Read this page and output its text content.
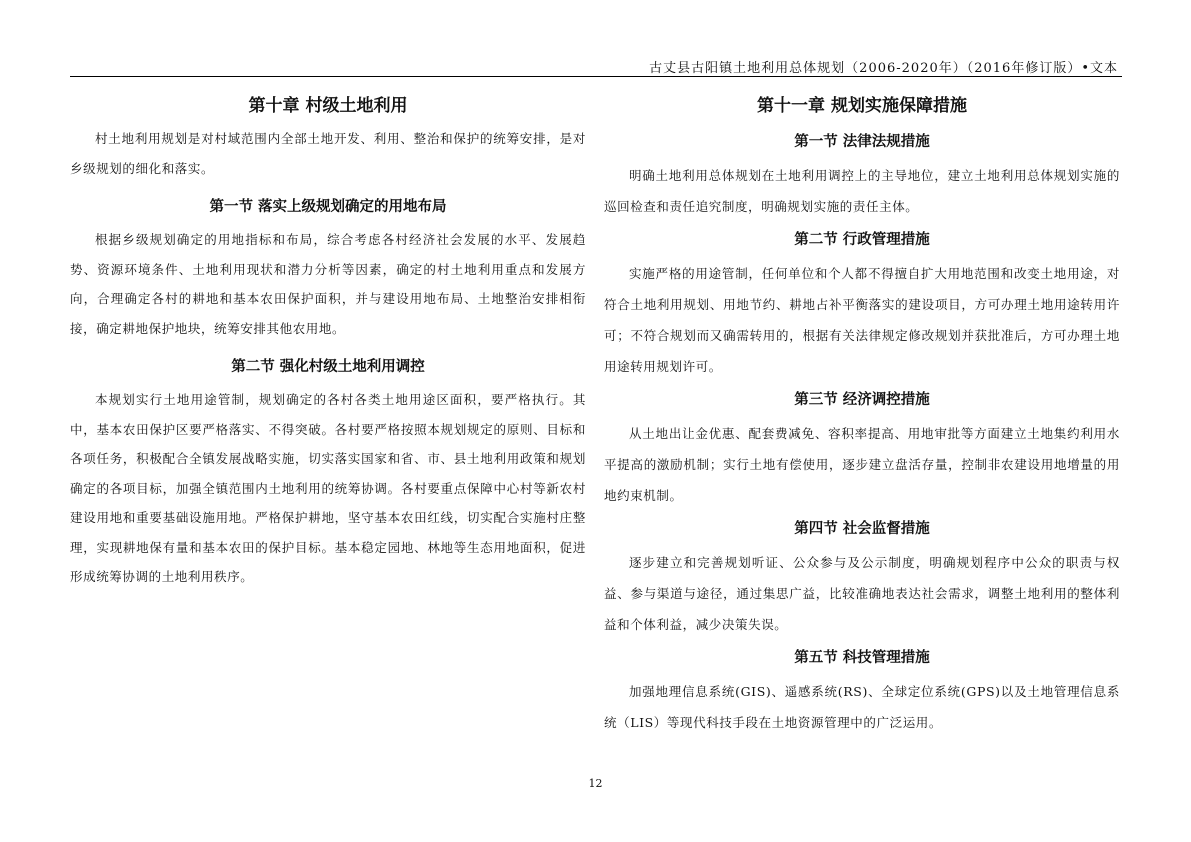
古丈县古阳镇土地利用总体规划（2006-2020年）（2016年修订版）•文本
第十章 村级土地利用

村土地利用规划是对村域范围内全部土地开发、利用、整治和保护的统筹安排，是对乡级规划的细化和落实。

第一节 落实上级规划确定的用地布局

根据乡级规划确定的用地指标和布局，综合考虑各村经济社会发展的水平、发展趋势、资源环境条件、土地利用现状和潜力分析等因素，确定的村土地利用重点和发展方向，合理确定各村的耕地和基本农田保护面积，并与建设用地布局、土地整治安排相衔接，确定耕地保护地块，统筹安排其他农用地。

第二节 强化村级土地利用调控

本规划实行土地用途管制，规划确定的各村各类土地用途区面积，要严格执行。其中，基本农田保护区要严格落实、不得突破。各村要严格按照本规划规定的原则、目标和各项任务，积极配合全镇发展战略实施，切实落实国家和省、市、县土地利用政策和规划确定的各项目标，加强全镇范围内土地利用的统筹协调。各村要重点保障中心村等新农村建设用地和重要基础设施用地。严格保护耕地，坚守基本农田红线，切实配合实施村庄整理，实现耕地保有量和基本农田的保护目标。基本稳定园地、林地等生态用地面积，促进形成统筹协调的土地利用秩序。

第十一章 规划实施保障措施
第一节 法律法规措施

明确土地利用总体规划在土地利用调控上的主导地位，建立土地利用总体规划实施的巡回检查和责任追究制度，明确规划实施的责任主体。

第二节 行政管理措施

实施严格的用途管制，任何单位和个人都不得擅自扩大用地范围和改变土地用途，对符合土地利用规划、用地节约、耕地占补平衡落实的建设项目，方可办理土地用途转用许可；不符合规划而又确需转用的，根据有关法律规定修改规划并获批准后，方可办理土地用途转用规划许可。

第三节 经济调控措施

从土地出让金优惠、配套费减免、容积率提高、用地审批等方面建立土地集约利用水平提高的激励机制；实行土地有偿使用，逐步建立盘活存量，控制非农建设用地增量的用地约束机制。

第四节 社会监督措施

逐步建立和完善规划听证、公众参与及公示制度，明确规划程序中公众的职责与权益、参与渠道与途径，通过集思广益，比较准确地表达社会需求，调整土地利用的整体利益和个体利益，减少决策失误。

第五节 科技管理措施

加强地理信息系统(GIS)、遥感系统(RS)、全球定位系统(GPS)以及土地管理信息系统（LIS）等现代科技手段在土地资源管理中的广泛运用。

12
